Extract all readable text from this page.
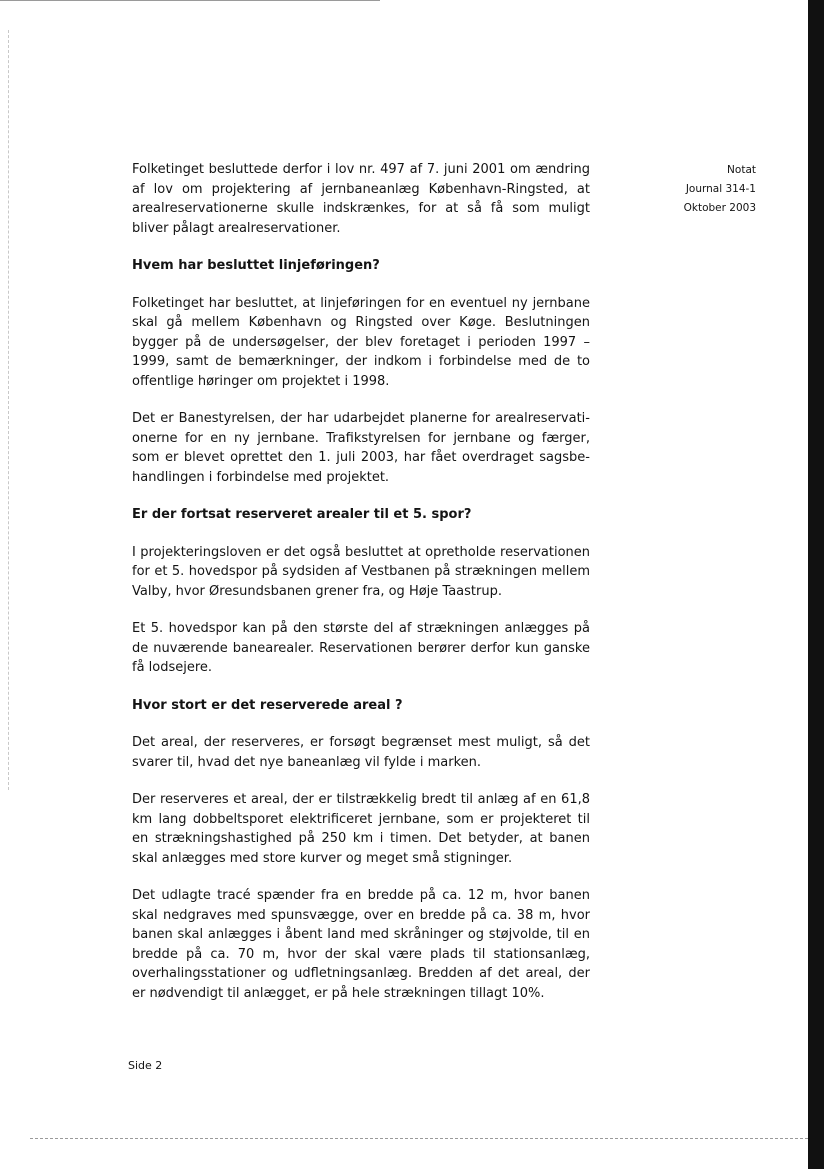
Notat
Journal 314-1
Oktober 2003

Folketinget besluttede derfor i lov nr. 497 af 7. juni 2001 om ændring af lov om projektering af jernbaneanlæg København-Ringsted, at arealreservationerne skulle indskrænkes, for at så få som muligt bliver pålagt arealreservationer.

Hvem har besluttet linjeføringen?

Folketinget har besluttet, at linjeføringen for en eventuel ny jernbane skal gå mellem København og Ringsted over Køge. Beslutningen bygger på de undersøgelser, der blev foretaget i perioden 1997 – 1999, samt de bemærkninger, der indkom i forbindelse med de to offentlige høringer om projektet i 1998.

Det er Banestyrelsen, der har udarbejdet planerne for arealreservationerne for en ny jernbane. Trafikstyrelsen for jernbane og færger, som er blevet oprettet den 1. juli 2003, har fået overdraget sagsbehandlingen i forbindelse med projektet.

Er der fortsat reserveret arealer til et 5. spor?

I projekteringsloven er det også besluttet at opretholde reservationen for et 5. hovedspor på sydsiden af Vestbanen på strækningen mellem Valby, hvor Øresundsbanen grener fra, og Høje Taastrup.

Et 5. hovedspor kan på den største del af strækningen anlægges på de nuværende banearealer. Reservationen berører derfor kun ganske få lodsejere.

Hvor stort er det reserverede areal ?

Det areal, der reserveres, er forsøgt begrænset mest muligt, så det svarer til, hvad det nye baneanlæg vil fylde i marken.

Der reserveres et areal, der er tilstrækkelig bredt til anlæg af en 61,8 km lang dobbeltsporet elektrificeret jernbane, som er projekteret til en strækningshastighed på 250 km i timen. Det betyder, at banen skal anlægges med store kurver og meget små stigninger.

Det udlagte tracé spænder fra en bredde på ca. 12 m, hvor banen skal nedgraves med spunsvægge, over en bredde på ca. 38 m, hvor banen skal anlægges i åbent land med skråninger og støjvolde, til en bredde på ca. 70 m, hvor der skal være plads til stationsanlæg, overhalingsstationer og udfletningsanlæg. Bredden af det areal, der er nødvendigt til anlægget, er på hele strækningen tillagt 10%.

Side 2
